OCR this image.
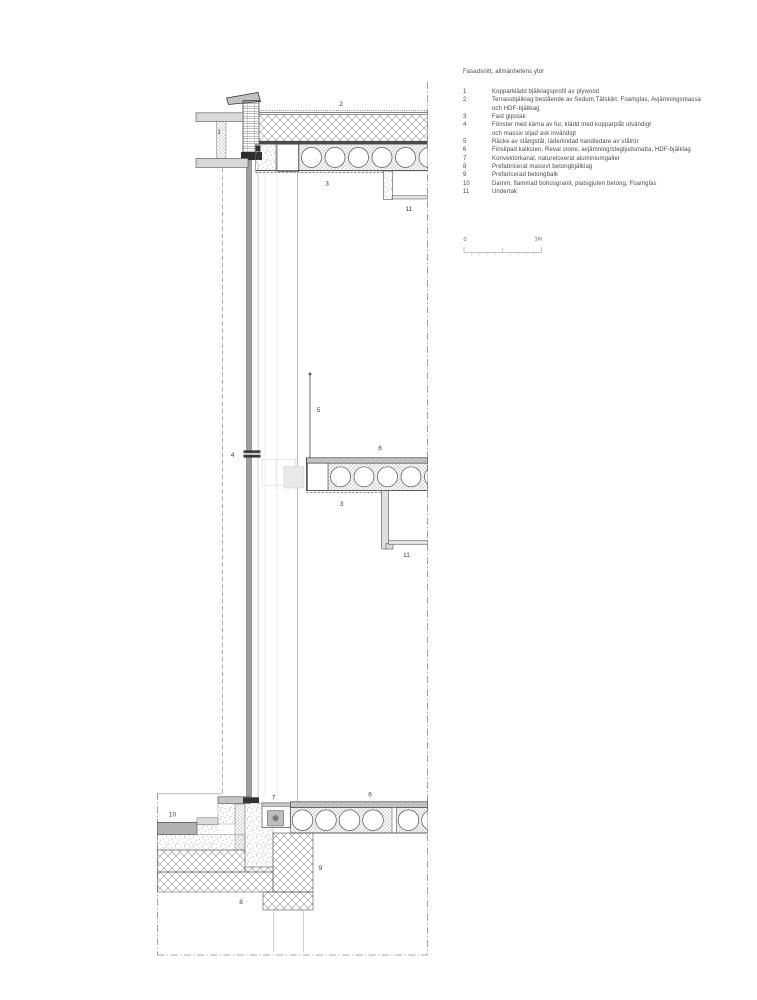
1
2
3
11
4
5
6
3
11
10
7	6
9
8
0	1m
Fasadsnitt, allmänhetens ytor
1	Kopparklädd bjälklagsprofil av plywood
2	Terrassbjälklag bestående av Sedum,Tätskikt, Foamglas, Avjämningsmassa
och HDF-bjälklag
3	Fast gipstak
4	Fönster med kärna av fur, klädd med kopparplåt utvändigt
och massiv oljad ask invändigt
5	Räcke av stångstål, läderlindad handledare av stålrör
6	Finslipad kalksten, Reval stone, avjämning/stegljudsmatta, HDF-bjälklag
7	Konvektorkanal, natureloxerat aluminiumgaller
8	Prefabricerat massivt betongbjälklag
9	Prefaricerad betongbalk
10	Damm, flammad bohusgranit, platsgjuten betong, Foamglas
11	Undertak
